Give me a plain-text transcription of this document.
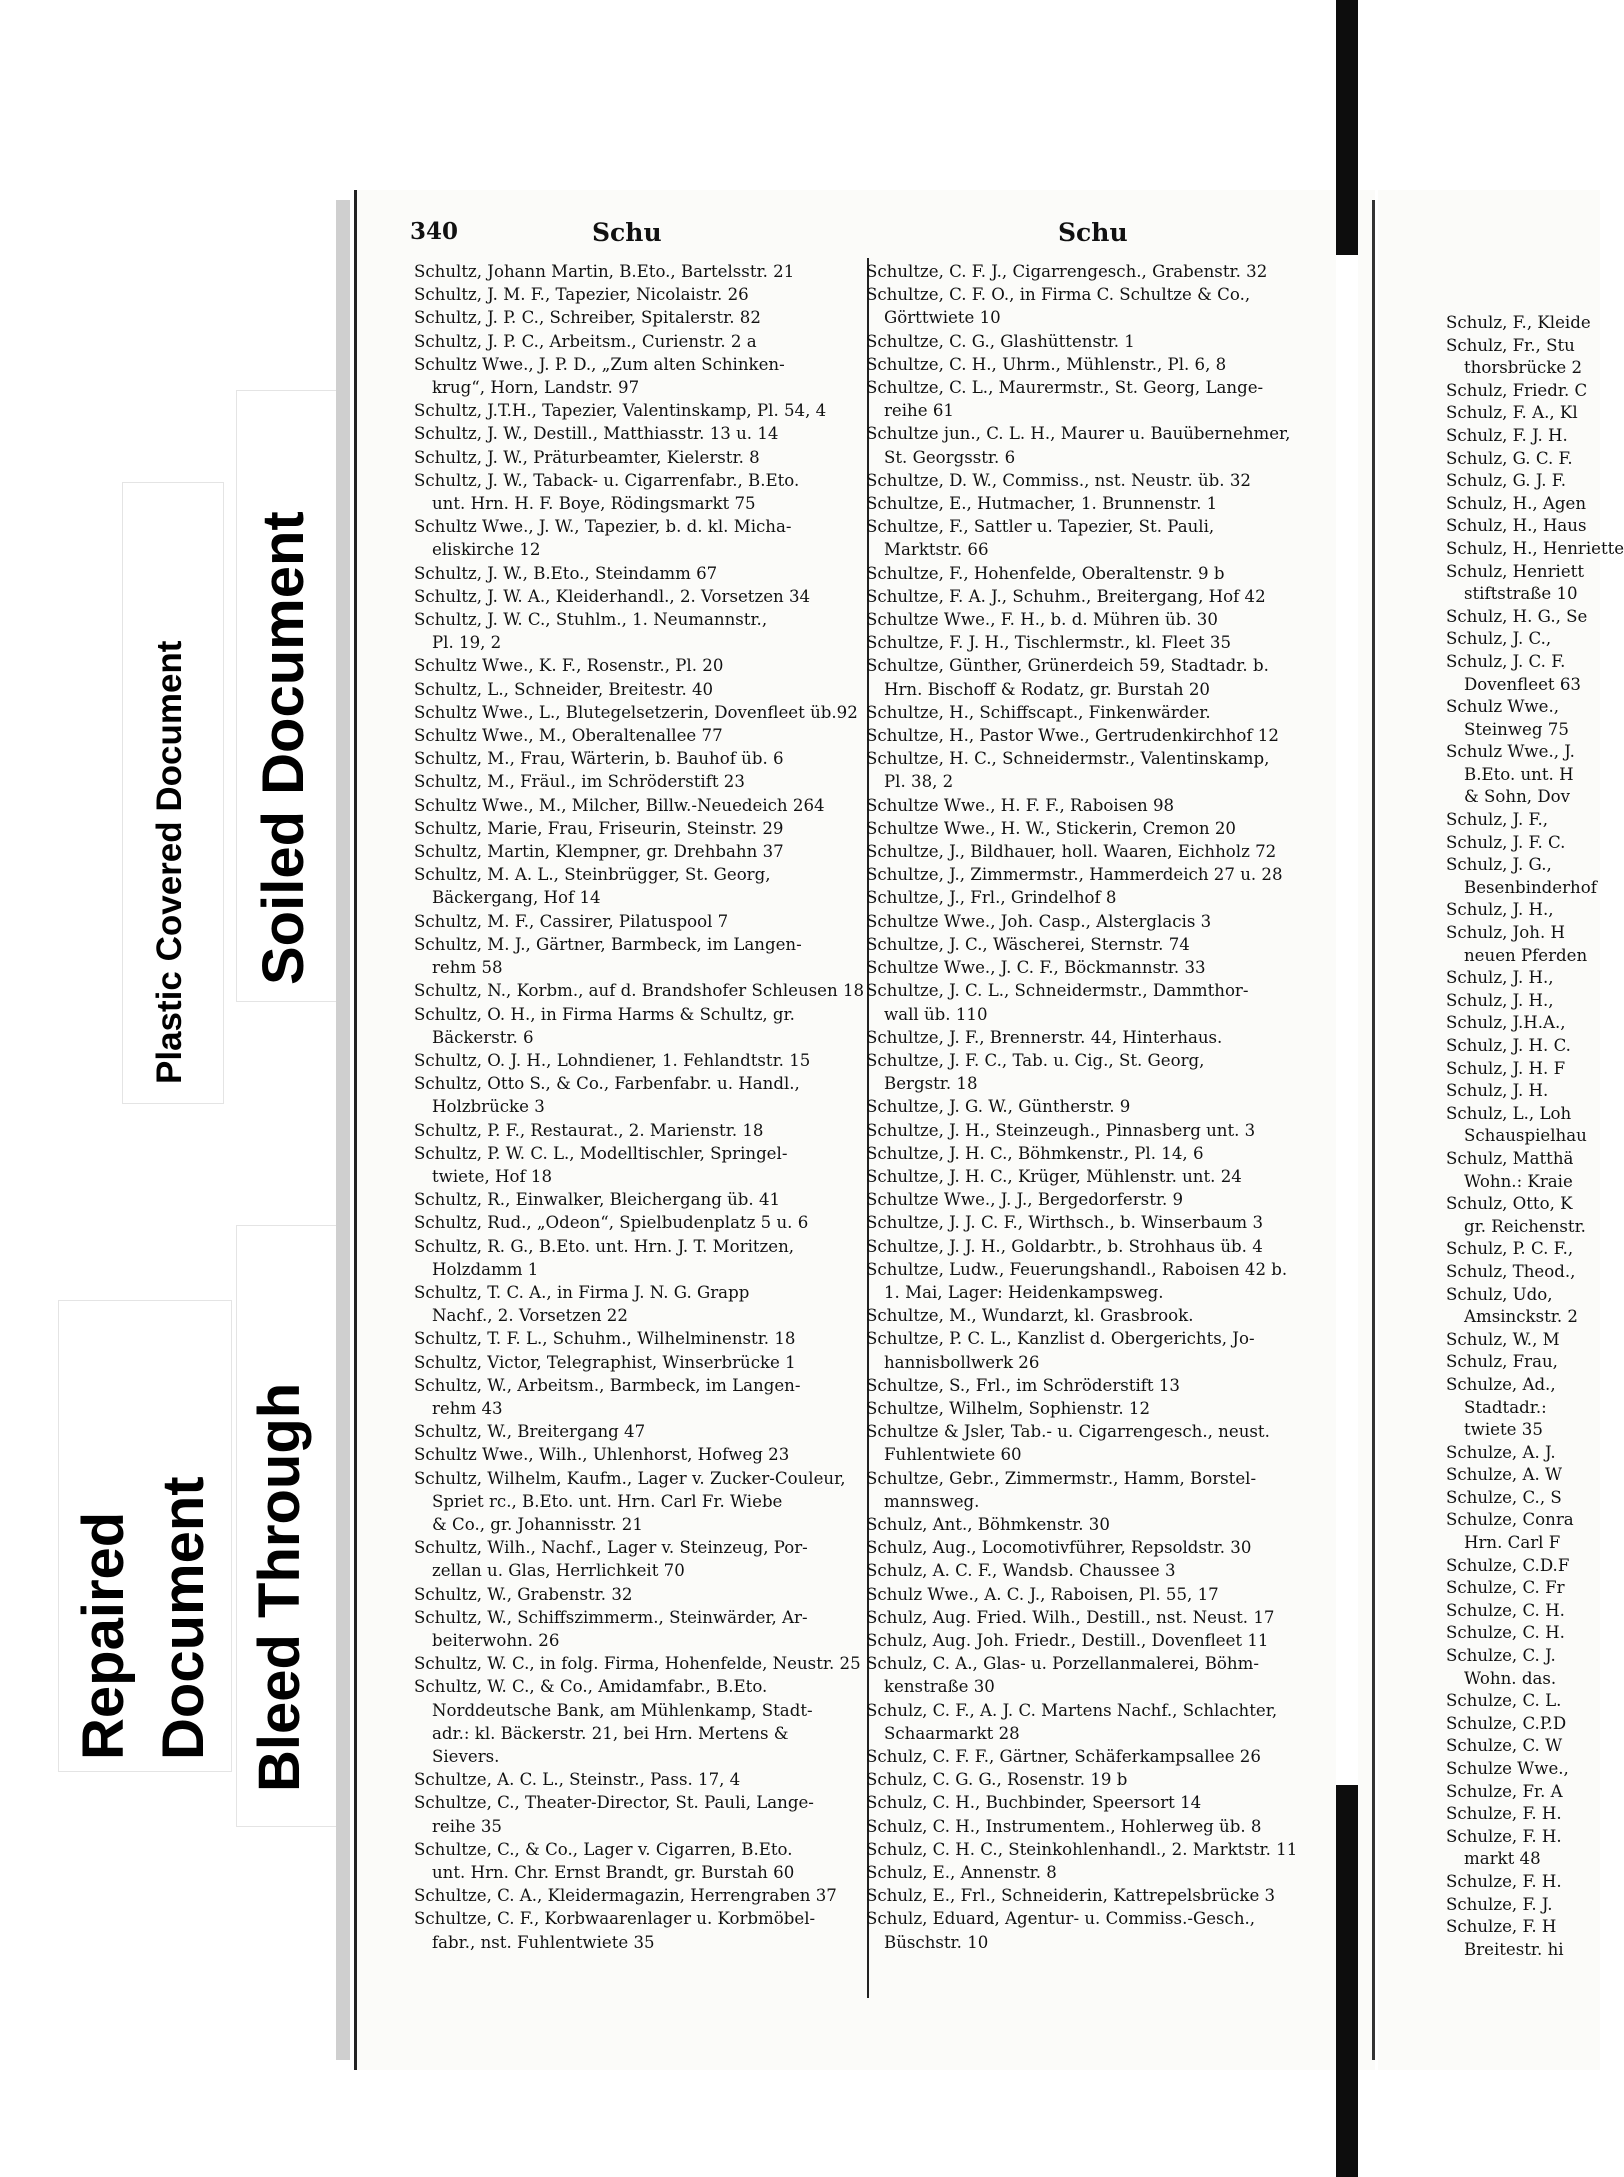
Plastic Covered Document Soiled Document
Repaired Document Bleed Through
340	Schu	Schu
Schultz, Johann Martin, B.Eto., Bartelsstr. 21
Schultz, J. M. F., Tapezier, Nicolaistr. 26
Schultz, J. P. C., Schreiber, Spitalerstr. 82
Schultz, J. P. C., Arbeitsm., Curienstr. 2 a
Schultz Wwe., J. P. D., „Zum alten Schinken-
krug“, Horn, Landstr. 97
Schultz, J.T.H., Tapezier, Valentinskamp, Pl. 54, 4
Schultz, J. W., Destill., Matthiasstr. 13 u. 14
Schultz, J. W., Präturbeamter, Kielerstr. 8
Schultz, J. W., Taback- u. Cigarrenfabr., B.Eto.
unt. Hrn. H. F. Boye, Rödingsmarkt 75
Schultz Wwe., J. W., Tapezier, b. d. kl. Micha-
eliskirche 12
Schultz, J. W., B.Eto., Steindamm 67
Schultz, J. W. A., Kleiderhandl., 2. Vorsetzen 34
Schultz, J. W. C., Stuhlm., 1. Neumannstr.,
Pl. 19, 2
Schultz Wwe., K. F., Rosenstr., Pl. 20
Schultz, L., Schneider, Breitestr. 40
Schultz Wwe., L., Blutegelsetzerin, Dovenfleet üb.92
Schultz Wwe., M., Oberaltenallee 77
Schultz, M., Frau, Wärterin, b. Bauhof üb. 6
Schultz, M., Fräul., im Schröderstift 23
Schultz Wwe., M., Milcher, Billw.-Neuedeich 264
Schultz, Marie, Frau, Friseurin, Steinstr. 29
Schultz, Martin, Klempner, gr. Drehbahn 37
Schultz, M. A. L., Steinbrügger, St. Georg,
Bäckergang, Hof 14
Schultz, M. F., Cassirer, Pilatuspool 7
Schultz, M. J., Gärtner, Barmbeck, im Langen-
rehm 58
Schultz, N., Korbm., auf d. Brandshofer Schleusen 18
Schultz, O. H., in Firma Harms & Schultz, gr.
Bäckerstr. 6
Schultz, O. J. H., Lohndiener, 1. Fehlandtstr. 15
Schultz, Otto S., & Co., Farbenfabr. u. Handl.,
Holzbrücke 3
Schultz, P. F., Restaurat., 2. Marienstr. 18
Schultz, P. W. C. L., Modelltischler, Springel-
twiete, Hof 18
Schultz, R., Einwalker, Bleichergang üb. 41
Schultz, Rud., „Odeon“, Spielbudenplatz 5 u. 6
Schultz, R. G., B.Eto. unt. Hrn. J. T. Moritzen,
Holzdamm 1
Schultz, T. C. A., in Firma J. N. G. Grapp
Nachf., 2. Vorsetzen 22
Schultz, T. F. L., Schuhm., Wilhelminenstr. 18
Schultz, Victor, Telegraphist, Winserbrücke 1
Schultz, W., Arbeitsm., Barmbeck, im Langen-
rehm 43
Schultz, W., Breitergang 47
Schultz Wwe., Wilh., Uhlenhorst, Hofweg 23
Schultz, Wilhelm, Kaufm., Lager v. Zucker-Couleur,
Spriet rc., B.Eto. unt. Hrn. Carl Fr. Wiebe
& Co., gr. Johannisstr. 21
Schultz, Wilh., Nachf., Lager v. Steinzeug, Por-
zellan u. Glas, Herrlichkeit 70
Schultz, W., Grabenstr. 32
Schultz, W., Schiffszimmerm., Steinwärder, Ar-
beiterwohn. 26
Schultz, W. C., in folg. Firma, Hohenfelde, Neustr. 25
Schultz, W. C., & Co., Amidamfabr., B.Eto.
Norddeutsche Bank, am Mühlenkamp, Stadt-
adr.: kl. Bäckerstr. 21, bei Hrn. Mertens &
Sievers.
Schultze, A. C. L., Steinstr., Pass. 17, 4
Schultze, C., Theater-Director, St. Pauli, Lange-
reihe 35
Schultze, C., & Co., Lager v. Cigarren, B.Eto.
unt. Hrn. Chr. Ernst Brandt, gr. Burstah 60
Schultze, C. A., Kleidermagazin, Herrengraben 37
Schultze, C. F., Korbwaarenlager u. Korbmöbel-
fabr., nst. Fuhlentwiete 35
Schultze, C. F. J., Cigarrengesch., Grabenstr. 32
Schultze, C. F. O., in Firma C. Schultze & Co.,
Görttwiete 10
Schultze, C. G., Glashüttenstr. 1
Schultze, C. H., Uhrm., Mühlenstr., Pl. 6, 8
Schultze, C. L., Maurermstr., St. Georg, Lange-
reihe 61
Schultze jun., C. L. H., Maurer u. Bauübernehmer,
St. Georgsstr. 6
Schultze, D. W., Commiss., nst. Neustr. üb. 32
Schultze, E., Hutmacher, 1. Brunnenstr. 1
Schultze, F., Sattler u. Tapezier, St. Pauli,
Marktstr. 66
Schultze, F., Hohenfelde, Oberaltenstr. 9 b
Schultze, F. A. J., Schuhm., Breitergang, Hof 42
Schultze Wwe., F. H., b. d. Mühren üb. 30
Schultze, F. J. H., Tischlermstr., kl. Fleet 35
Schultze, Günther, Grünerdeich 59, Stadtadr. b.
Hrn. Bischoff & Rodatz, gr. Burstah 20
Schultze, H., Schiffscapt., Finkenwärder.
Schultze, H., Pastor Wwe., Gertrudenkirchhof 12
Schultze, H. C., Schneidermstr., Valentinskamp,
Pl. 38, 2
Schultze Wwe., H. F. F., Raboisen 98
Schultze Wwe., H. W., Stickerin, Cremon 20
Schultze, J., Bildhauer, holl. Waaren, Eichholz 72
Schultze, J., Zimmermstr., Hammerdeich 27 u. 28
Schultze, J., Frl., Grindelhof 8
Schultze Wwe., Joh. Casp., Alsterglacis 3
Schultze, J. C., Wäscherei, Sternstr. 74
Schultze Wwe., J. C. F., Böckmannstr. 33
Schultze, J. C. L., Schneidermstr., Dammthor-
wall üb. 110
Schultze, J. F., Brennerstr. 44, Hinterhaus.
Schultze, J. F. C., Tab. u. Cig., St. Georg,
Bergstr. 18
Schultze, J. G. W., Güntherstr. 9
Schultze, J. H., Steinzeugh., Pinnasberg unt. 3
Schultze, J. H. C., Böhmkenstr., Pl. 14, 6
Schultze, J. H. C., Krüger, Mühlenstr. unt. 24
Schultze Wwe., J. J., Bergedorferstr. 9
Schultze, J. J. C. F., Wirthsch., b. Winserbaum 3
Schultze, J. J. H., Goldarbtr., b. Strohhaus üb. 4
Schultze, Ludw., Feuerungshandl., Raboisen 42 b.
1. Mai, Lager: Heidenkampsweg.
Schultze, M., Wundarzt, kl. Grasbrook.
Schultze, P. C. L., Kanzlist d. Obergerichts, Jo-
hannisbollwerk 26
Schultze, S., Frl., im Schröderstift 13
Schultze, Wilhelm, Sophienstr. 12
Schultze & Jsler, Tab.- u. Cigarrengesch., neust.
Fuhlentwiete 60
Schultze, Gebr., Zimmermstr., Hamm, Borstel-
mannsweg.
Schulz, Ant., Böhmkenstr. 30
Schulz, Aug., Locomotivführer, Repsoldstr. 30
Schulz, A. C. F., Wandsb. Chaussee 3
Schulz Wwe., A. C. J., Raboisen, Pl. 55, 17
Schulz, Aug. Fried. Wilh., Destill., nst. Neust. 17
Schulz, Aug. Joh. Friedr., Destill., Dovenfleet 11
Schulz, C. A., Glas- u. Porzellanmalerei, Böhm-
kenstraße 30
Schulz, C. F., A. J. C. Martens Nachf., Schlachter,
Schaarmarkt 28
Schulz, C. F. F., Gärtner, Schäferkampsallee 26
Schulz, C. G. G., Rosenstr. 19 b
Schulz, C. H., Buchbinder, Speersort 14
Schulz, C. H., Instrumentem., Hohlerweg üb. 8
Schulz, C. H. C., Steinkohlenhandl., 2. Marktstr. 11
Schulz, E., Annenstr. 8
Schulz, E., Frl., Schneiderin, Kattrepelsbrücke 3
Schulz, Eduard, Agentur- u. Commiss.-Gesch.,
Büschstr. 10
Schulz, F., Kleide
Schulz, Fr., Stu
thorsbrücke 2
Schulz, Friedr. C
Schulz, F. A., Kl
Schulz, F. J. H.
Schulz, G. C. F.
Schulz, G. J. F.
Schulz, H., Agen
Schulz, H., Haus
Schulz, H., Henriette
Schulz, Henriett
stiftstraße 10
Schulz, H. G., Se
Schulz, J. C.,
Schulz, J. C. F.
Dovenfleet 63
Schulz Wwe.,
Steinweg 75
Schulz Wwe., J.
B.Eto. unt. H
& Sohn, Dov
Schulz, J. F.,
Schulz, J. F. C.
Schulz, J. G.,
Besenbinderhof
Schulz, J. H.,
Schulz, Joh. H
neuen Pferden
Schulz, J. H.,
Schulz, J. H.,
Schulz, J.H.A.,
Schulz, J. H. C.
Schulz, J. H. F
Schulz, J. H.
Schulz, L., Loh
Schauspielhau
Schulz, Matthä
Wohn.: Kraie
Schulz, Otto, K
gr. Reichenstr.
Schulz, P. C. F.,
Schulz, Theod.,
Schulz, Udo,
Amsinckstr. 2
Schulz, W., M
Schulz, Frau,
Schulze, Ad.,
Stadtadr.:
twiete 35
Schulze, A. J.
Schulze, A. W
Schulze, C., S
Schulze, Conra
Hrn. Carl F
Schulze, C.D.F
Schulze, C. Fr
Schulze, C. H.
Schulze, C. H.
Schulze, C. J.
Wohn. das.
Schulze, C. L.
Schulze, C.P.D
Schulze, C. W
Schulze Wwe.,
Schulze, Fr. A
Schulze, F. H.
Schulze, F. H.
markt 48
Schulze, F. H.
Schulze, F. J.
Schulze, F. H
Breitestr. hi
